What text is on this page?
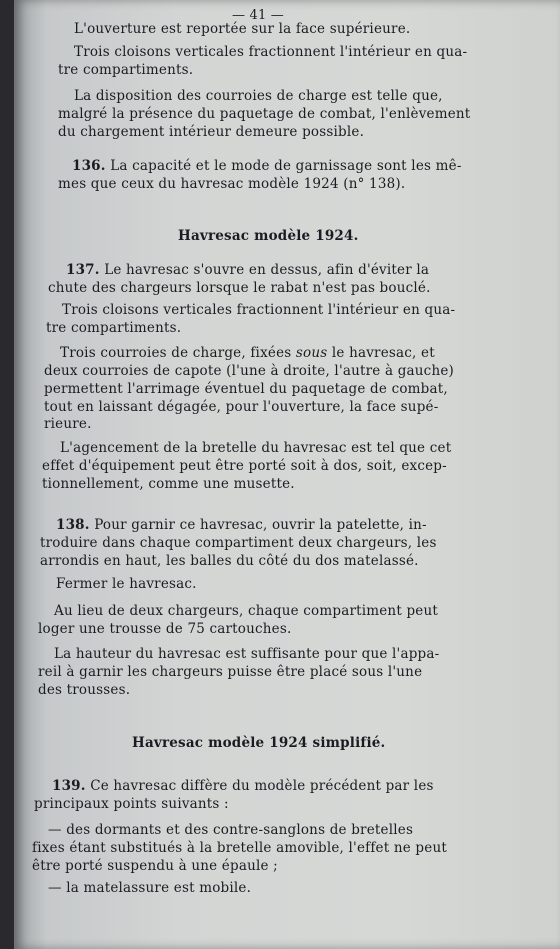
— 41 —

L'ouverture est reportée sur la face supérieure.

Trois cloisons verticales fractionnent l'intérieur en qua-

tre compartiments.

La disposition des courroies de charge est telle que,

malgré la présence du paquetage de combat, l'enlèvement

du chargement intérieur demeure possible.

136. La capacité et le mode de garnissage sont les mê-

mes que ceux du havresac modèle 1924 (n° 138).

Havresac modèle 1924.

137. Le havresac s'ouvre en dessus, afin d'éviter la

chute des chargeurs lorsque le rabat n'est pas bouclé.

Trois cloisons verticales fractionnent l'intérieur en qua-

tre compartiments.

Trois courroies de charge, fixées sous le havresac, et

deux courroies de capote (l'une à droite, l'autre à gauche)

permettent l'arrimage éventuel du paquetage de combat,

tout en laissant dégagée, pour l'ouverture, la face supé-

rieure.

L'agencement de la bretelle du havresac est tel que cet

effet d'équipement peut être porté soit à dos, soit, excep-

tionnellement, comme une musette.

138. Pour garnir ce havresac, ouvrir la patelette, in-

troduire dans chaque compartiment deux chargeurs, les

arrondis en haut, les balles du côté du dos matelassé.

Fermer le havresac.

Au lieu de deux chargeurs, chaque compartiment peut

loger une trousse de 75 cartouches.

La hauteur du havresac est suffisante pour que l'appa-

reil à garnir les chargeurs puisse être placé sous l'une

des trousses.

Havresac modèle 1924 simplifié.

139. Ce havresac diffère du modèle précédent par les

principaux points suivants :

— des dormants et des contre-sanglons de bretelles

fixes étant substitués à la bretelle amovible, l'effet ne peut

être porté suspendu à une épaule ;

— la matelassure est mobile.
